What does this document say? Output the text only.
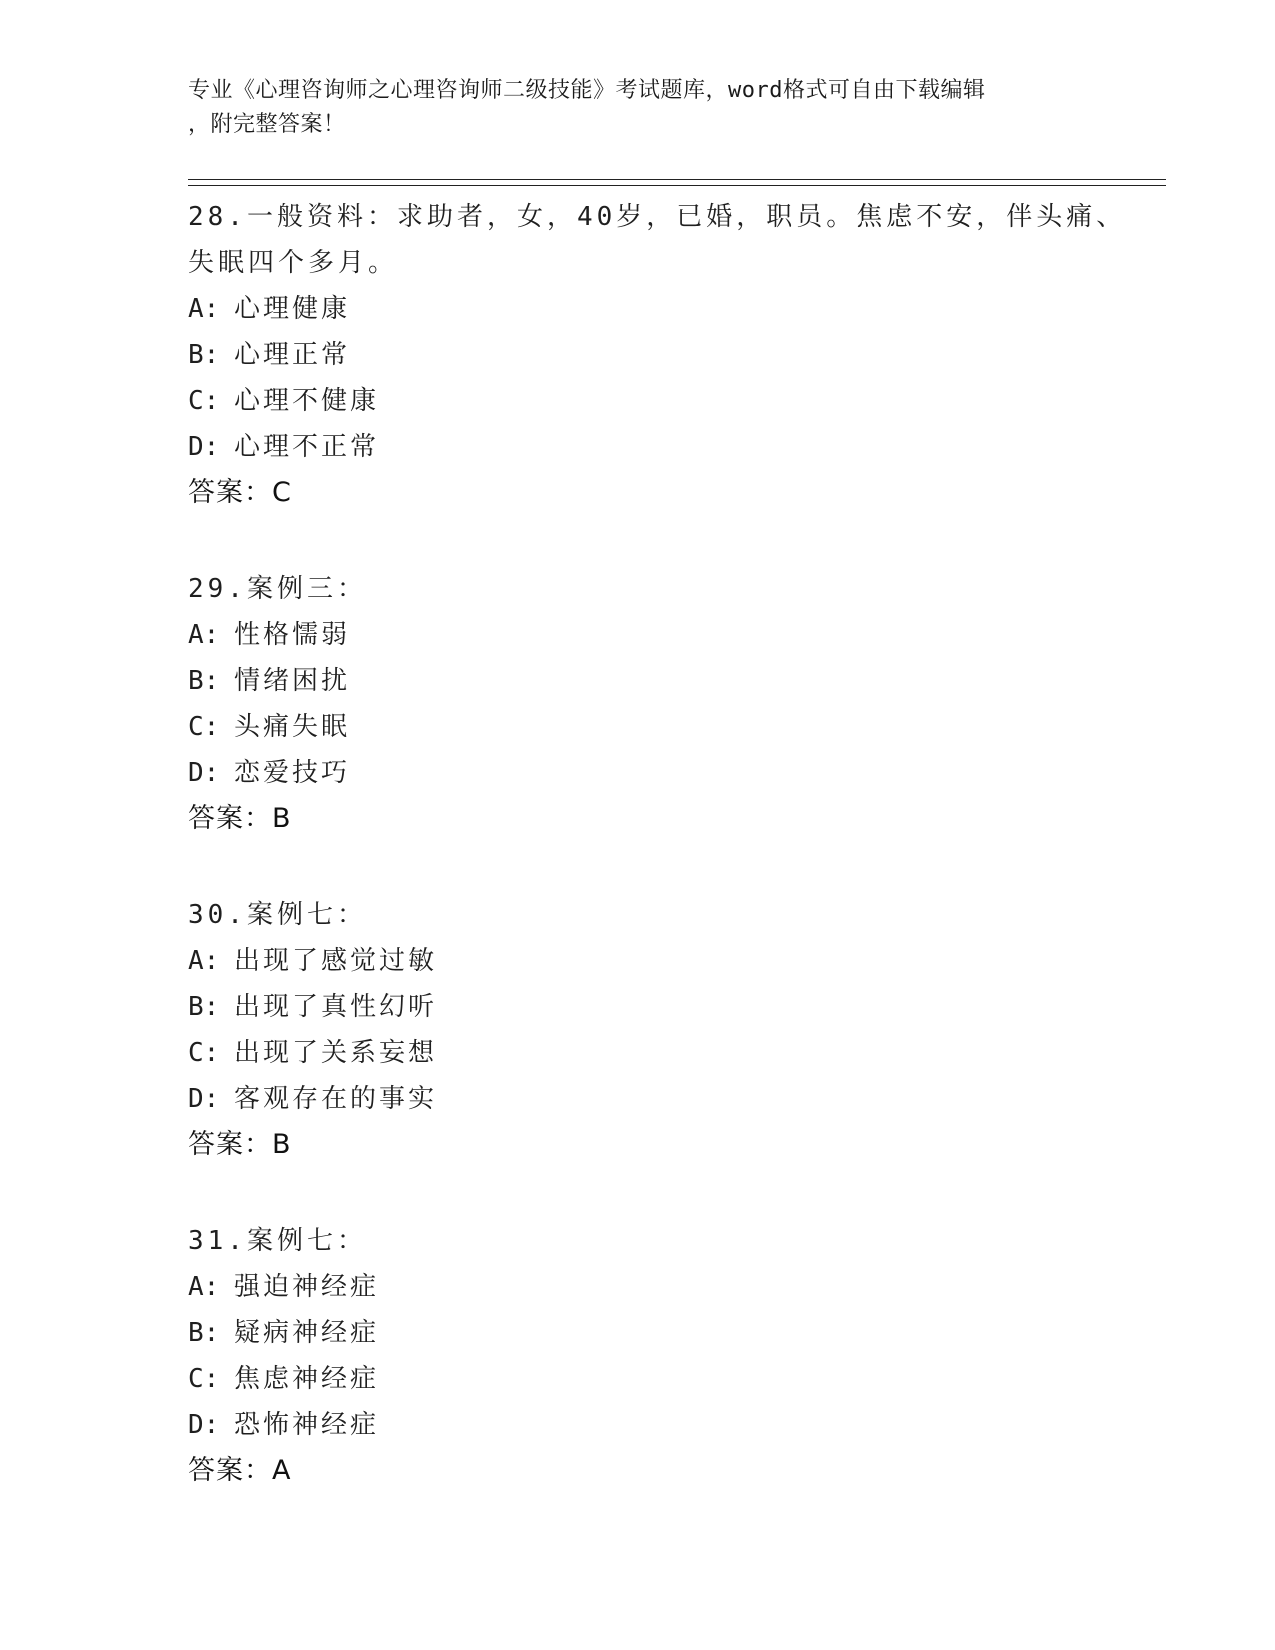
专业《心理咨询师之心理咨询师二级技能》考试题库，word格式可自由下载编辑
，附完整答案！
28.一般资料：求助者，女，40岁，已婚，职员。焦虑不安，伴头痛、
失眠四个多月。
A: 心理健康
B: 心理正常
C: 心理不健康
D: 心理不正常
答案：C
29.案例三：
A: 性格懦弱
B: 情绪困扰
C: 头痛失眠
D: 恋爱技巧
答案：B
30.案例七：
A: 出现了感觉过敏
B: 出现了真性幻听
C: 出现了关系妄想
D: 客观存在的事实
答案：B
31.案例七：
A: 强迫神经症
B: 疑病神经症
C: 焦虑神经症
D: 恐怖神经症
答案：A
